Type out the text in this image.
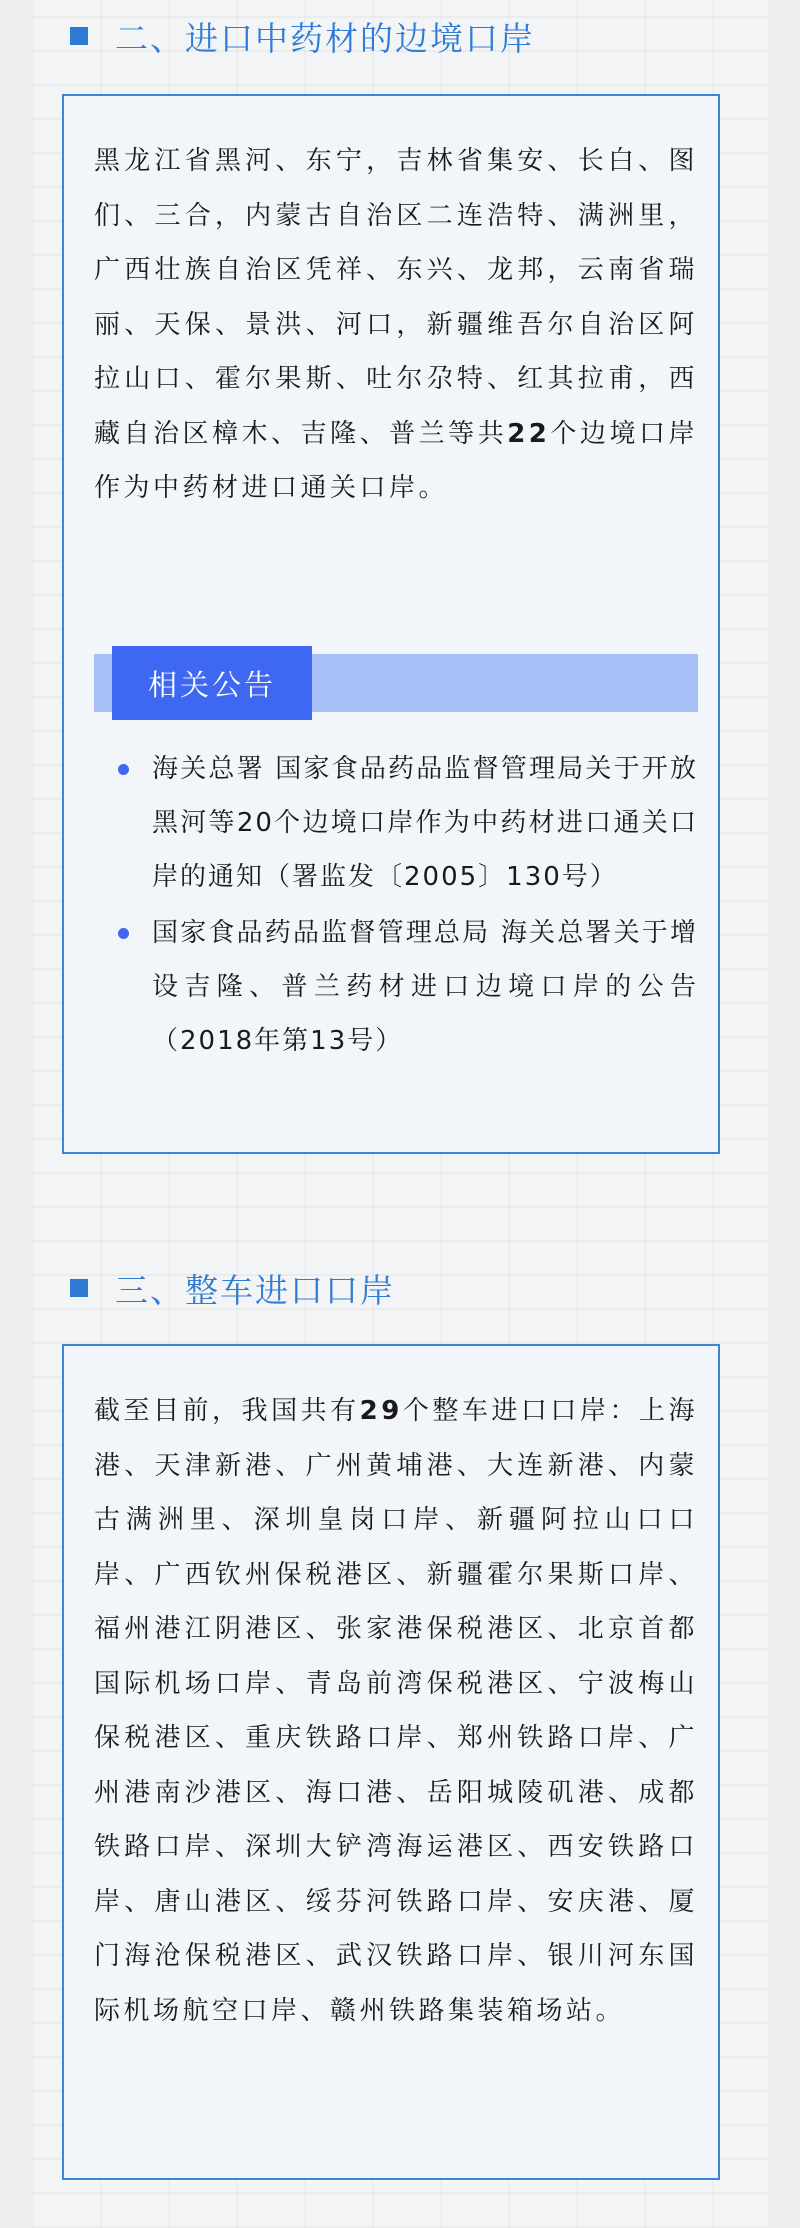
二、进口中药材的边境口岸
黑龙江省黑河、东宁，吉林省集安、长白、图们、三合，内蒙古自治区二连浩特、满洲里，广西壮族自治区凭祥、东兴、龙邦，云南省瑞丽、天保、景洪、河口，新疆维吾尔自治区阿拉山口、霍尔果斯、吐尔尕特、红其拉甫，西藏自治区樟木、吉隆、普兰等共22个边境口岸作为中药材进口通关口岸。
相关公告
海关总署 国家食品药品监督管理局关于开放黑河等20个边境口岸作为中药材进口通关口岸的通知（署监发〔2005〕130号）
国家食品药品监督管理总局 海关总署关于增设吉隆、普兰药材进口边境口岸的公告（2018年第13号）
三、整车进口口岸
截至目前，我国共有29个整车进口口岸：上海港、天津新港、广州黄埔港、大连新港、内蒙古满洲里、深圳皇岗口岸、新疆阿拉山口口岸、广西钦州保税港区、新疆霍尔果斯口岸、福州港江阴港区、张家港保税港区、北京首都国际机场口岸、青岛前湾保税港区、宁波梅山保税港区、重庆铁路口岸、郑州铁路口岸、广州港南沙港区、海口港、岳阳城陵矶港、成都铁路口岸、深圳大铲湾海运港区、西安铁路口岸、唐山港区、绥芬河铁路口岸、安庆港、厦门海沧保税港区、武汉铁路口岸、银川河东国际机场航空口岸、赣州铁路集装箱场站。
